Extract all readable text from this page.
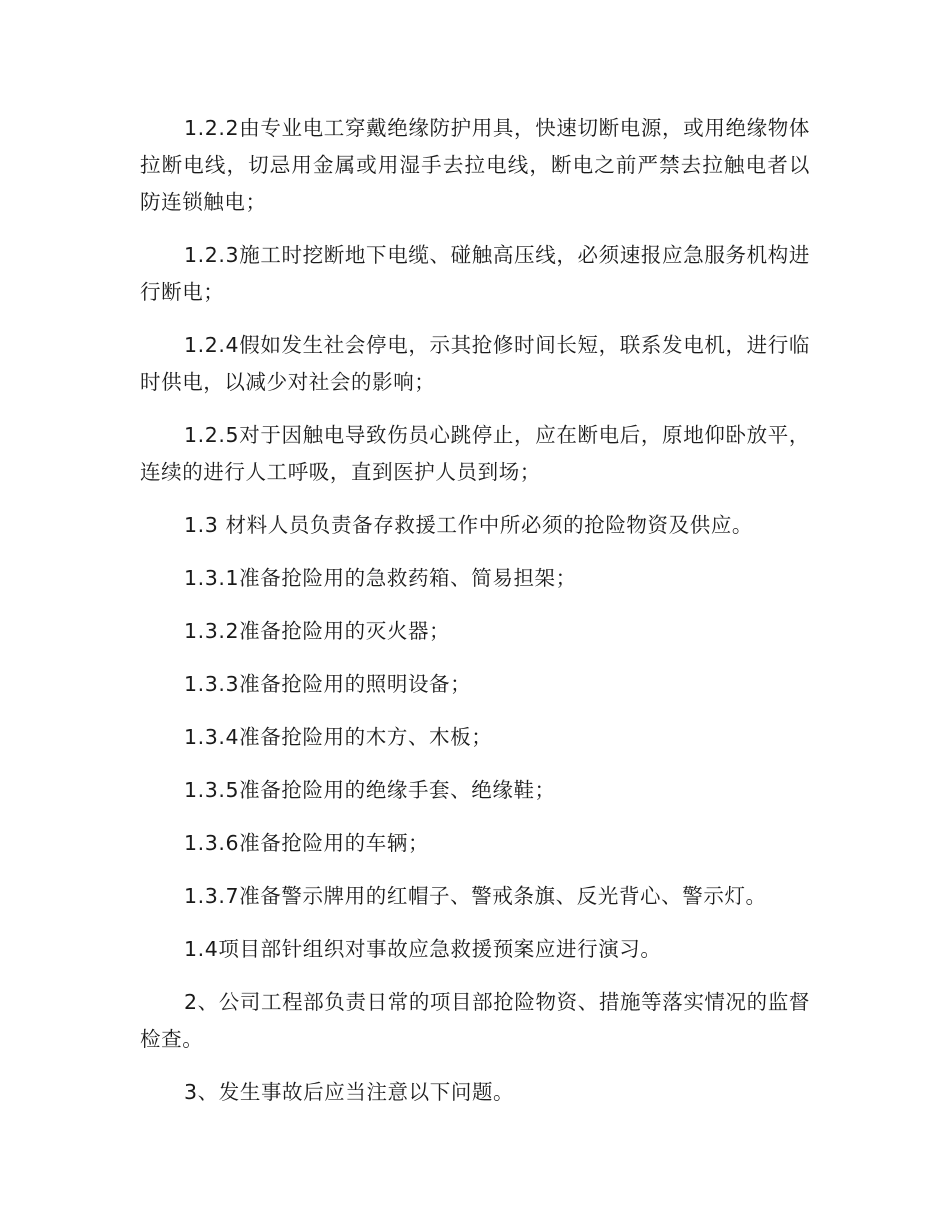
1.2.2由专业电工穿戴绝缘防护用具，快速切断电源，或用绝缘物体拉断电线，切忌用金属或用湿手去拉电线，断电之前严禁去拉触电者以防连锁触电；

1.2.3施工时挖断地下电缆、碰触高压线，必须速报应急服务机构进行断电；

1.2.4假如发生社会停电，示其抢修时间长短，联系发电机，进行临时供电，以减少对社会的影响；

1.2.5对于因触电导致伤员心跳停止，应在断电后，原地仰卧放平，连续的进行人工呼吸，直到医护人员到场；

1.3 材料人员负责备存救援工作中所必须的抢险物资及供应。

1.3.1准备抢险用的急救药箱、简易担架；

1.3.2准备抢险用的灭火器；

1.3.3准备抢险用的照明设备；

1.3.4准备抢险用的木方、木板；

1.3.5准备抢险用的绝缘手套、绝缘鞋；

1.3.6准备抢险用的车辆；

1.3.7准备警示牌用的红帽子、警戒条旗、反光背心、警示灯。

1.4项目部针组织对事故应急救援预案应进行演习。

2、公司工程部负责日常的项目部抢险物资、措施等落实情况的监督检查。

3、发生事故后应当注意以下问题。
